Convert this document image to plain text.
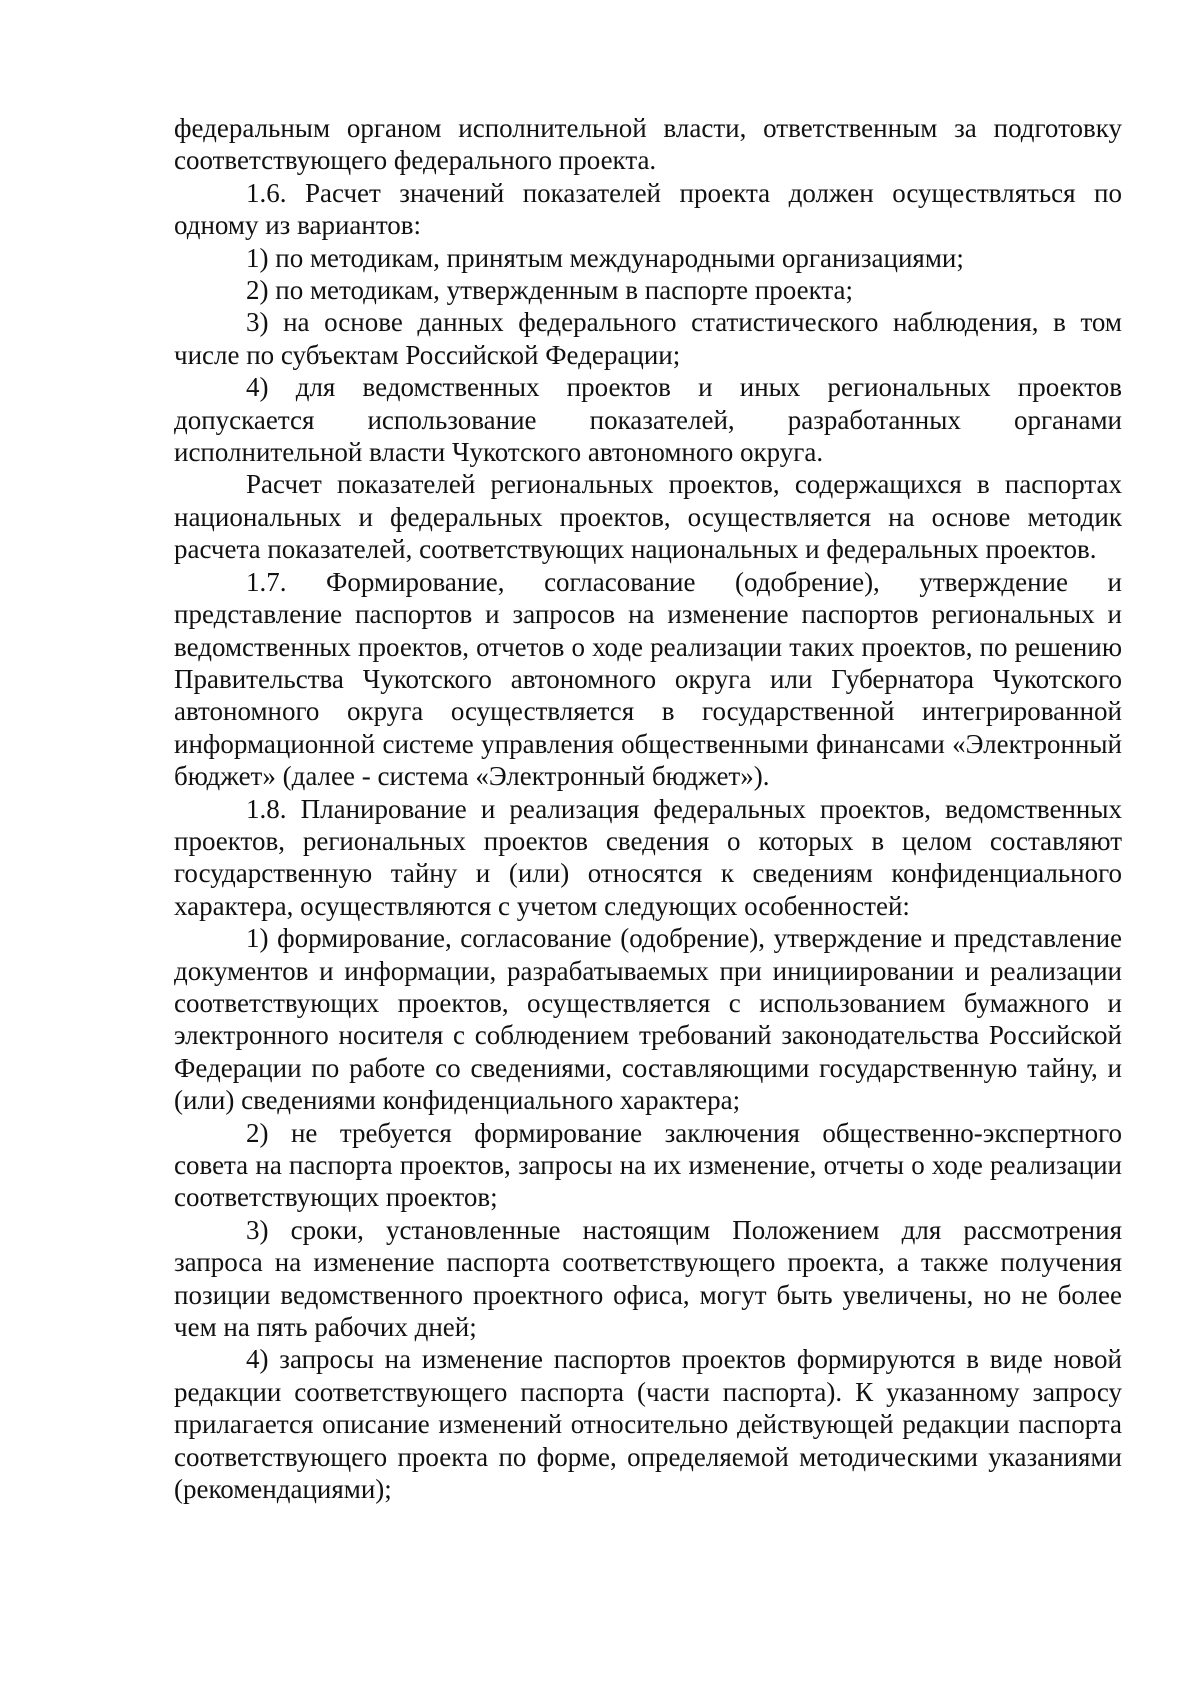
федеральным органом исполнительной власти, ответственным за подготовку соответствующего федерального проекта.

1.6. Расчет значений показателей проекта должен осуществляться по одному из вариантов:

1) по методикам, принятым международными организациями;

2) по методикам, утвержденным в паспорте проекта;

3) на основе данных федерального статистического наблюдения, в том числе по субъектам Российской Федерации;

4) для ведомственных проектов и иных региональных проектов допускается использование показателей, разработанных органами исполнительной власти Чукотского автономного округа.

Расчет показателей региональных проектов, содержащихся в паспортах национальных и федеральных проектов, осуществляется на основе методик расчета показателей, соответствующих национальных и федеральных проектов.

1.7. Формирование, согласование (одобрение), утверждение и представление паспортов и запросов на изменение паспортов региональных и ведомственных проектов, отчетов о ходе реализации таких проектов, по решению Правительства Чукотского автономного округа или Губернатора Чукотского автономного округа осуществляется в государственной интегрированной информационной системе управления общественными финансами «Электронный бюджет» (далее - система «Электронный бюджет»).

1.8. Планирование и реализация федеральных проектов, ведомственных проектов, региональных проектов сведения о которых в целом составляют государственную тайну и (или) относятся к сведениям конфиденциального характера, осуществляются с учетом следующих особенностей:

1) формирование, согласование (одобрение), утверждение и представление документов и информации, разрабатываемых при инициировании и реализации соответствующих проектов, осуществляется с использованием бумажного и электронного носителя с соблюдением требований законодательства Российской Федерации по работе со сведениями, составляющими государственную тайну, и (или) сведениями конфиденциального характера;

2) не требуется формирование заключения общественно-экспертного совета на паспорта проектов, запросы на их изменение, отчеты о ходе реализации соответствующих проектов;

3) сроки, установленные настоящим Положением для рассмотрения запроса на изменение паспорта соответствующего проекта, а также получения позиции ведомственного проектного офиса, могут быть увеличены, но не более чем на пять рабочих дней;

4) запросы на изменение паспортов проектов формируются в виде новой редакции соответствующего паспорта (части паспорта). К указанному запросу прилагается описание изменений относительно действующей редакции паспорта соответствующего проекта по форме, определяемой методическими указаниями (рекомендациями);
